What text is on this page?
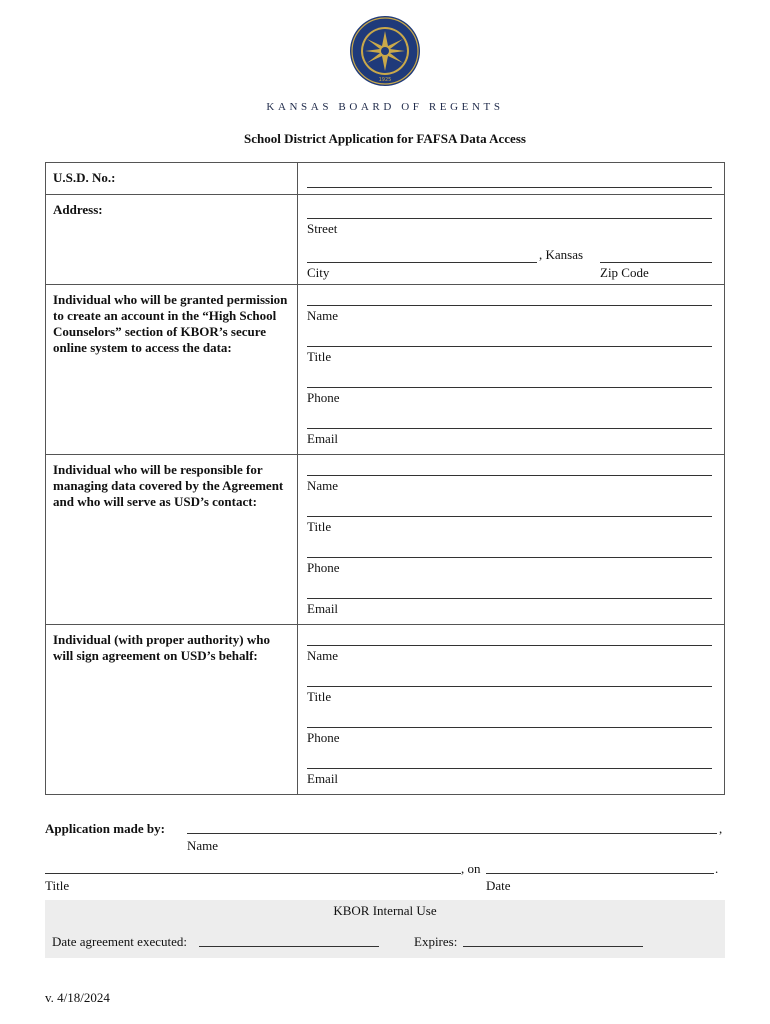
1925
KANSAS BOARD OF REGENTS
School District Application for FAFSA Data Access
U.S.D. No.:	

Address:	Street
, Kansas
City Zip Code

Individual who will be granted permission to create an account in the “High School Counselors” section of KBOR’s secure online system to access the data:	Name
Title
Phone
Email

Individual who will be responsible for managing data covered by the Agreement and who will serve as USD’s contact:	Name
Title
Phone
Email

Individual (with proper authority) who will sign agreement on USD’s behalf:	Name
Title
Phone
Email
Application made by:	,
Name
, on	.
Title	Date
KBOR Internal Use
Date agreement executed:	Expires:
v. 4/18/2024
